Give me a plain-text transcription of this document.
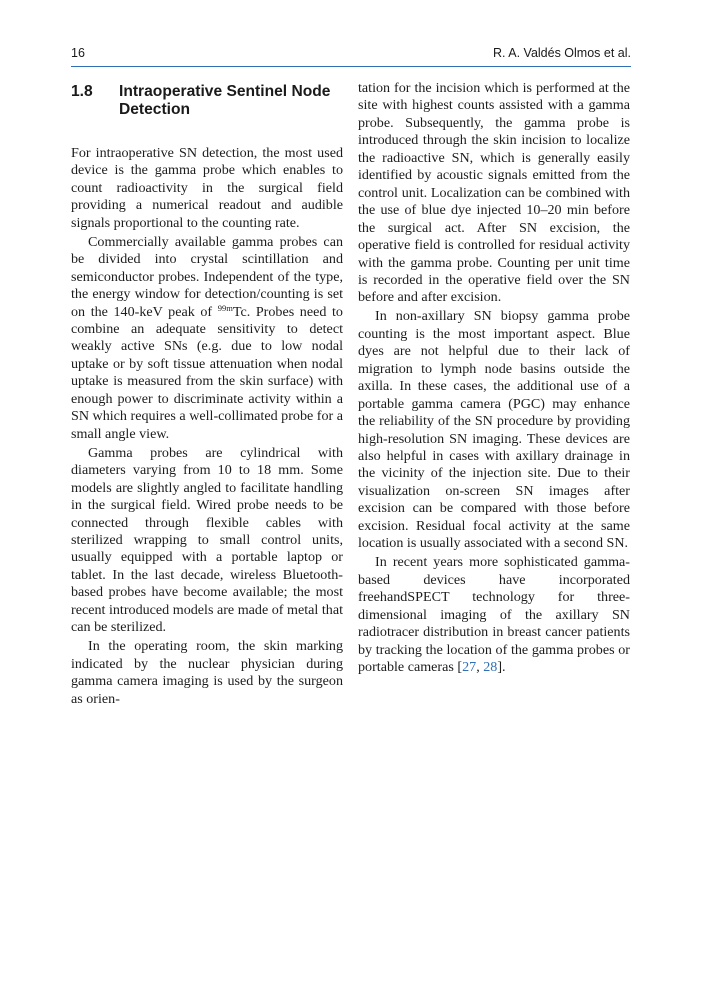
16	R. A. Valdés Olmos et al.
1.8	Intraoperative Sentinel Node Detection

For intraoperative SN detection, the most used device is the gamma probe which enables to count radioactivity in the surgical field providing a numerical readout and audible signals proportional to the counting rate.

Commercially available gamma probes can be divided into crystal scintillation and semiconductor probes. Independent of the type, the energy window for detection/counting is set on the 140-keV peak of $^{99m}$Tc. Probes need to combine an adequate sensitivity to detect weakly active SNs (e.g. due to low nodal uptake or by soft tissue attenuation when nodal uptake is measured from the skin surface) with enough power to discriminate activity within a SN which requires a well-collimated probe for a small angle view.

Gamma probes are cylindrical with diameters varying from 10 to 18 mm. Some models are slightly angled to facilitate handling in the surgical field. Wired probe needs to be connected through flexible cables with sterilized wrapping to small control units, usually equipped with a portable laptop or tablet. In the last decade, wireless Bluetooth-based probes have become available; the most recent introduced models are made of metal that can be sterilized.

In the operating room, the skin marking indicated by the nuclear physician during gamma camera imaging is used by the surgeon as orien-

tation for the incision which is performed at the site with highest counts assisted with a gamma probe. Subsequently, the gamma probe is introduced through the skin incision to localize the radioactive SN, which is generally easily identified by acoustic signals emitted from the control unit. Localization can be combined with the use of blue dye injected 10–20 min before the surgical act. After SN excision, the operative field is controlled for residual activity with the gamma probe. Counting per unit time is recorded in the operative field over the SN before and after excision.

In non-axillary SN biopsy gamma probe counting is the most important aspect. Blue dyes are not helpful due to their lack of migration to lymph node basins outside the axilla. In these cases, the additional use of a portable gamma camera (PGC) may enhance the reliability of the SN procedure by providing high-resolution SN imaging. These devices are also helpful in cases with axillary drainage in the vicinity of the injection site. Due to their visualization on-screen SN images after excision can be compared with those before excision. Residual focal activity at the same location is usually associated with a second SN.

In recent years more sophisticated gamma-based devices have incorporated freehandSPECT technology for three-dimensional imaging of the axillary SN radiotracer distribution in breast cancer patients by tracking the location of the gamma probes or portable cameras [27, 28].
